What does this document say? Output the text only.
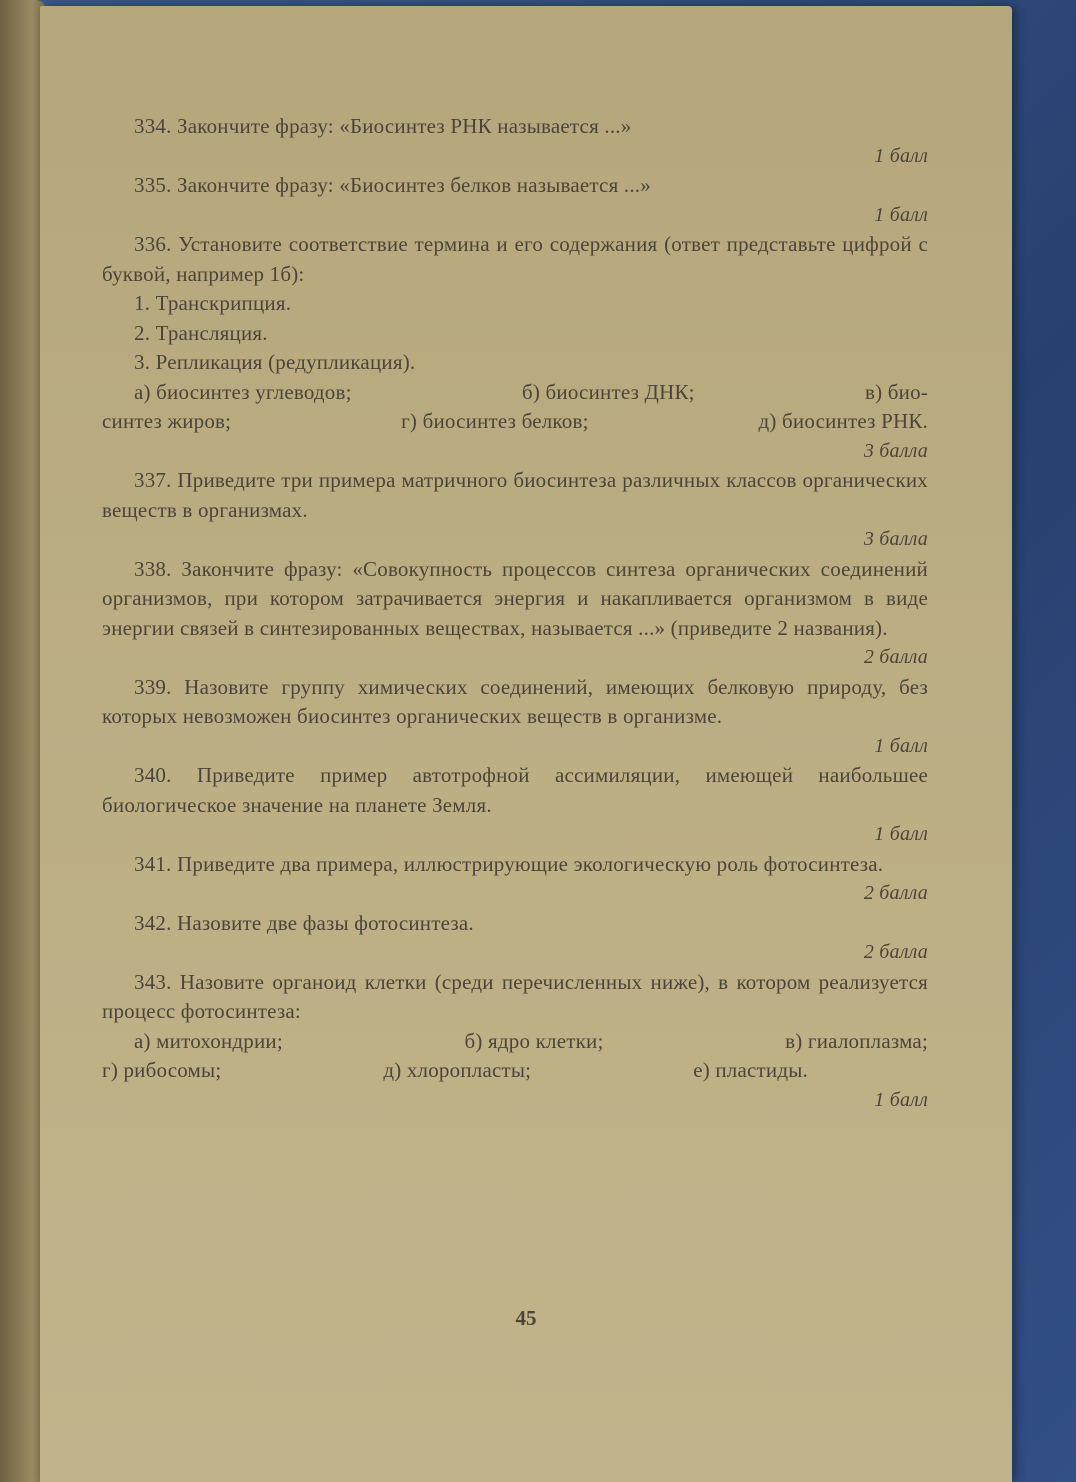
334. Закончите фразу: «Биосинтез РНК называется ...»

1 балл

335. Закончите фразу: «Биосинтез белков называется ...»

1 балл

336. Установите соответствие термина и его содержания (ответ представьте цифрой с буквой, например 1б):

1. Транскрипция.

2. Трансляция.

3. Репликация (редупликация).

а) биосинтез углеводов;	б) биосинтез ДНК;	в) био-
синтез жиров;	г) биосинтез белков;	д) биосинтез РНК.

3 балла

337. Приведите три примера матричного биосинтеза различных классов органических веществ в организмах.

3 балла

338. Закончите фразу: «Совокупность процессов синтеза органических соединений организмов, при котором затрачивается энергия и накапливается организмом в виде энергии связей в синтезированных веществах, называется ...» (приведите 2 названия).

2 балла

339. Назовите группу химических соединений, имеющих белковую природу, без которых невозможен биосинтез органических веществ в организме.

1 балл

340. Приведите пример автотрофной ассимиляции, имеющей наибольшее биологическое значение на планете Земля.

1 балл

341. Приведите два примера, иллюстрирующие экологическую роль фотосинтеза.

2 балла

342. Назовите две фазы фотосинтеза.

2 балла

343. Назовите органоид клетки (среди перечисленных ниже), в котором реализуется процесс фотосинтеза:

а) митохондрии;	б) ядро клетки;	в) гиалоплазма;
г) рибосомы;	д) хлоропласты;	е) пластиды.

1 балл

45
